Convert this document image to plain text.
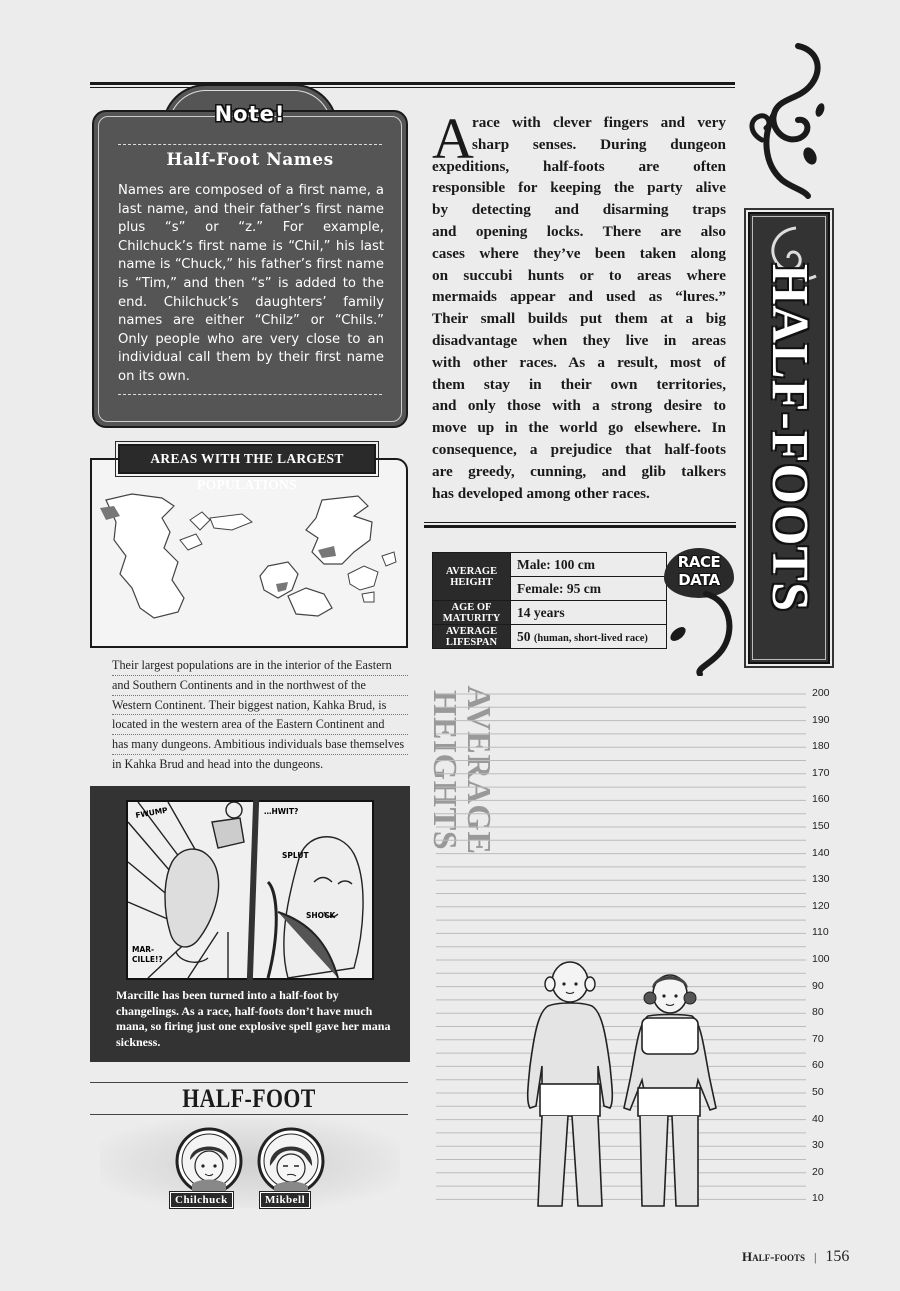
Note!
Half-Foot Names
Names are composed of a first name, a last name, and their father’s first name plus “s” or “z.” For example, Chilchuck’s first name is “Chil,” his last name is “Chuck,” his father’s first name is “Tim,” and then “s” is added to the end. Chilchuck’s daughters’ family names are either “Chilz” or “Chils.” Only people who are very close to an individual call them by their first name on its own.
AREAS WITH THE LARGEST POPULATIONS
Their largest populations are in the interior of the Eastern
and Southern Continents and in the northwest of the
Western Continent. Their biggest nation, Kahka Brud, is
located in the western area of the Eastern Continent and
has many dungeons. Ambitious individuals base themselves
in Kahka Brud and head into the dungeons.
FWUMP	…HWIT?
SPLUT
SHOCK
MAR-
CILLE!?
Marcille has been turned into a half-foot by changelings. As a race, half-foots don’t have much mana, so firing just one explosive spell gave her mana sickness.
HALF-FOOT
Chilchuck	Mikbell
A
race with clever fingers and very
sharp senses. During dungeon
expeditions, half-foots are often
responsible for keeping the party alive
by detecting and disarming traps
and opening locks. There are also
cases where they’ve been taken along
on succubi hunts or to areas where
mermaids appear and used as “lures.”
Their small builds put them at a big
disadvantage when they live in areas
with other races. As a result, most of
them stay in their own territories,
and only those with a strong desire to
move up in the world go elsewhere. In
consequence, a prejudice that half-foots
are greedy, cunning, and glib talkers
has developed among other races.
AVERAGE
HEIGHT	Male: 100 cm
	Female: 95 cm
AGE OF
MATURITY	14 years
AVERAGE
LIFESPAN	50 (human, short-lived race)
RACE
DATA HALF-FOOTS
AVERAGE HEIGHTS	200
190
180
170
160
150
140
130
120
110
100
90
80
70
60
50
40
30
20
10
Half-foots | 156
